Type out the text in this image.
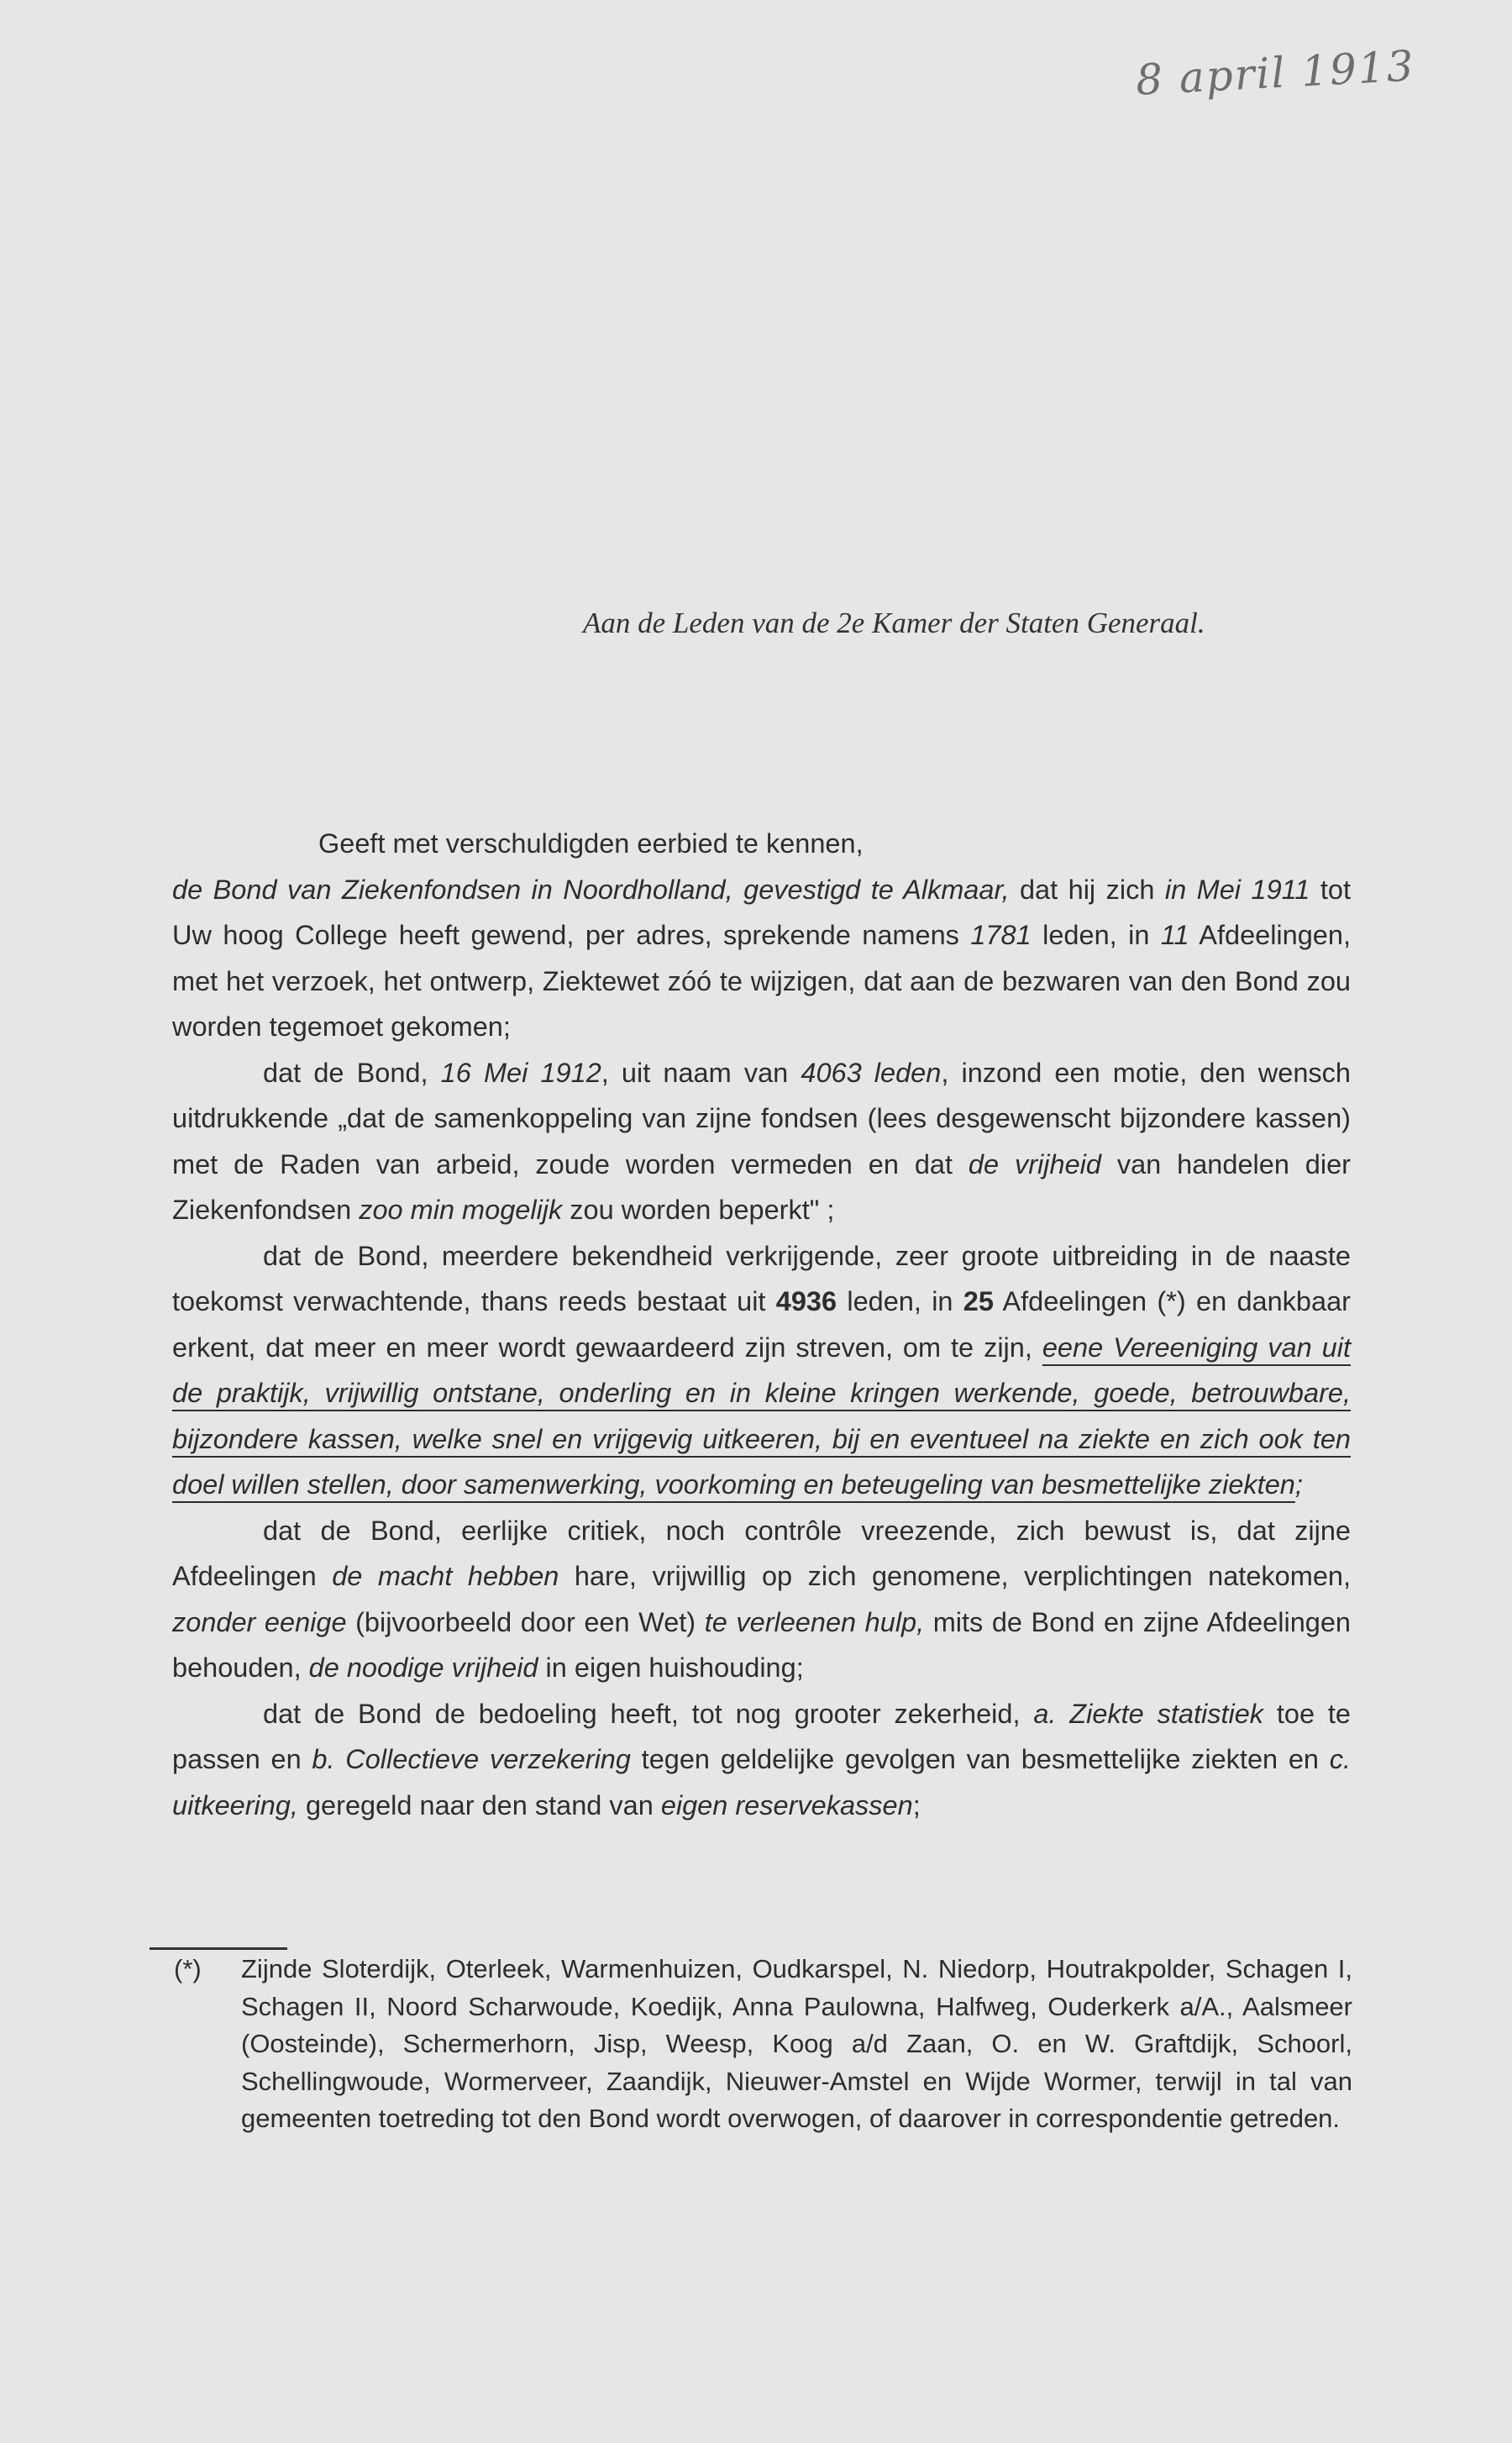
8 april 1913
Aan de Leden van de 2e Kamer der Staten Generaal.

Geeft met verschuldigden eerbied te kennen,
de Bond van Ziekenfondsen in Noordholland, gevestigd te Alkmaar, dat hij zich in Mei 1911 tot Uw hoog College heeft gewend, per adres, sprekende namens 1781 leden, in 11 Afdeelingen, met het verzoek, het ontwerp, Ziektewet zóó te wijzigen, dat aan de bezwaren van den Bond zou worden tegemoet gekomen;

dat de Bond, 16 Mei 1912, uit naam van 4063 leden, inzond een motie, den wensch uitdrukkende „dat de samenkoppeling van zijne fondsen (lees desgewenscht bijzondere kassen) met de Raden van arbeid, zoude worden vermeden en dat de vrijheid van handelen dier Ziekenfondsen zoo min mogelijk zou worden beperkt" ;

dat de Bond, meerdere bekendheid verkrijgende, zeer groote uitbreiding in de naaste toekomst verwachtende, thans reeds bestaat uit 4936 leden, in 25 Afdeelingen (*) en dankbaar erkent, dat meer en meer wordt gewaardeerd zijn streven, om te zijn, eene Vereeniging van uit de praktijk, vrijwillig ontstane, onderling en in kleine kringen werkende, goede, betrouwbare, bijzondere kassen, welke snel en vrijgevig uitkeeren, bij en eventueel na ziekte en zich ook ten doel willen stellen, door samenwerking, voorkoming en beteugeling van besmettelijke ziekten;

dat de Bond, eerlijke critiek, noch contrôle vreezende, zich bewust is, dat zijne Afdeelingen de macht hebben hare, vrijwillig op zich genomene, verplichtingen natekomen, zonder eenige (bijvoorbeeld door een Wet) te verleenen hulp, mits de Bond en zijne Afdeelingen behouden, de noodige vrijheid in eigen huishouding;

dat de Bond de bedoeling heeft, tot nog grooter zekerheid, a. Ziekte statistiek toe te passen en b. Collectieve verzekering tegen geldelijke gevolgen van besmettelijke ziekten en c. uitkeering, geregeld naar den stand van eigen reservekassen;

(*)	Zijnde Sloterdijk, Oterleek, Warmenhuizen, Oudkarspel, N. Niedorp, Houtrakpolder, Schagen I, Schagen II, Noord Scharwoude, Koedijk, Anna Paulowna, Halfweg, Ouderkerk a/A., Aalsmeer (Oosteinde), Schermerhorn, Jisp, Weesp, Koog a/d Zaan, O. en W. Graftdijk, Schoorl, Schellingwoude, Wormerveer, Zaandijk, Nieuwer-Amstel en Wijde Wormer, terwijl in tal van gemeenten toetreding tot den Bond wordt overwogen, of daarover in correspondentie getreden.
